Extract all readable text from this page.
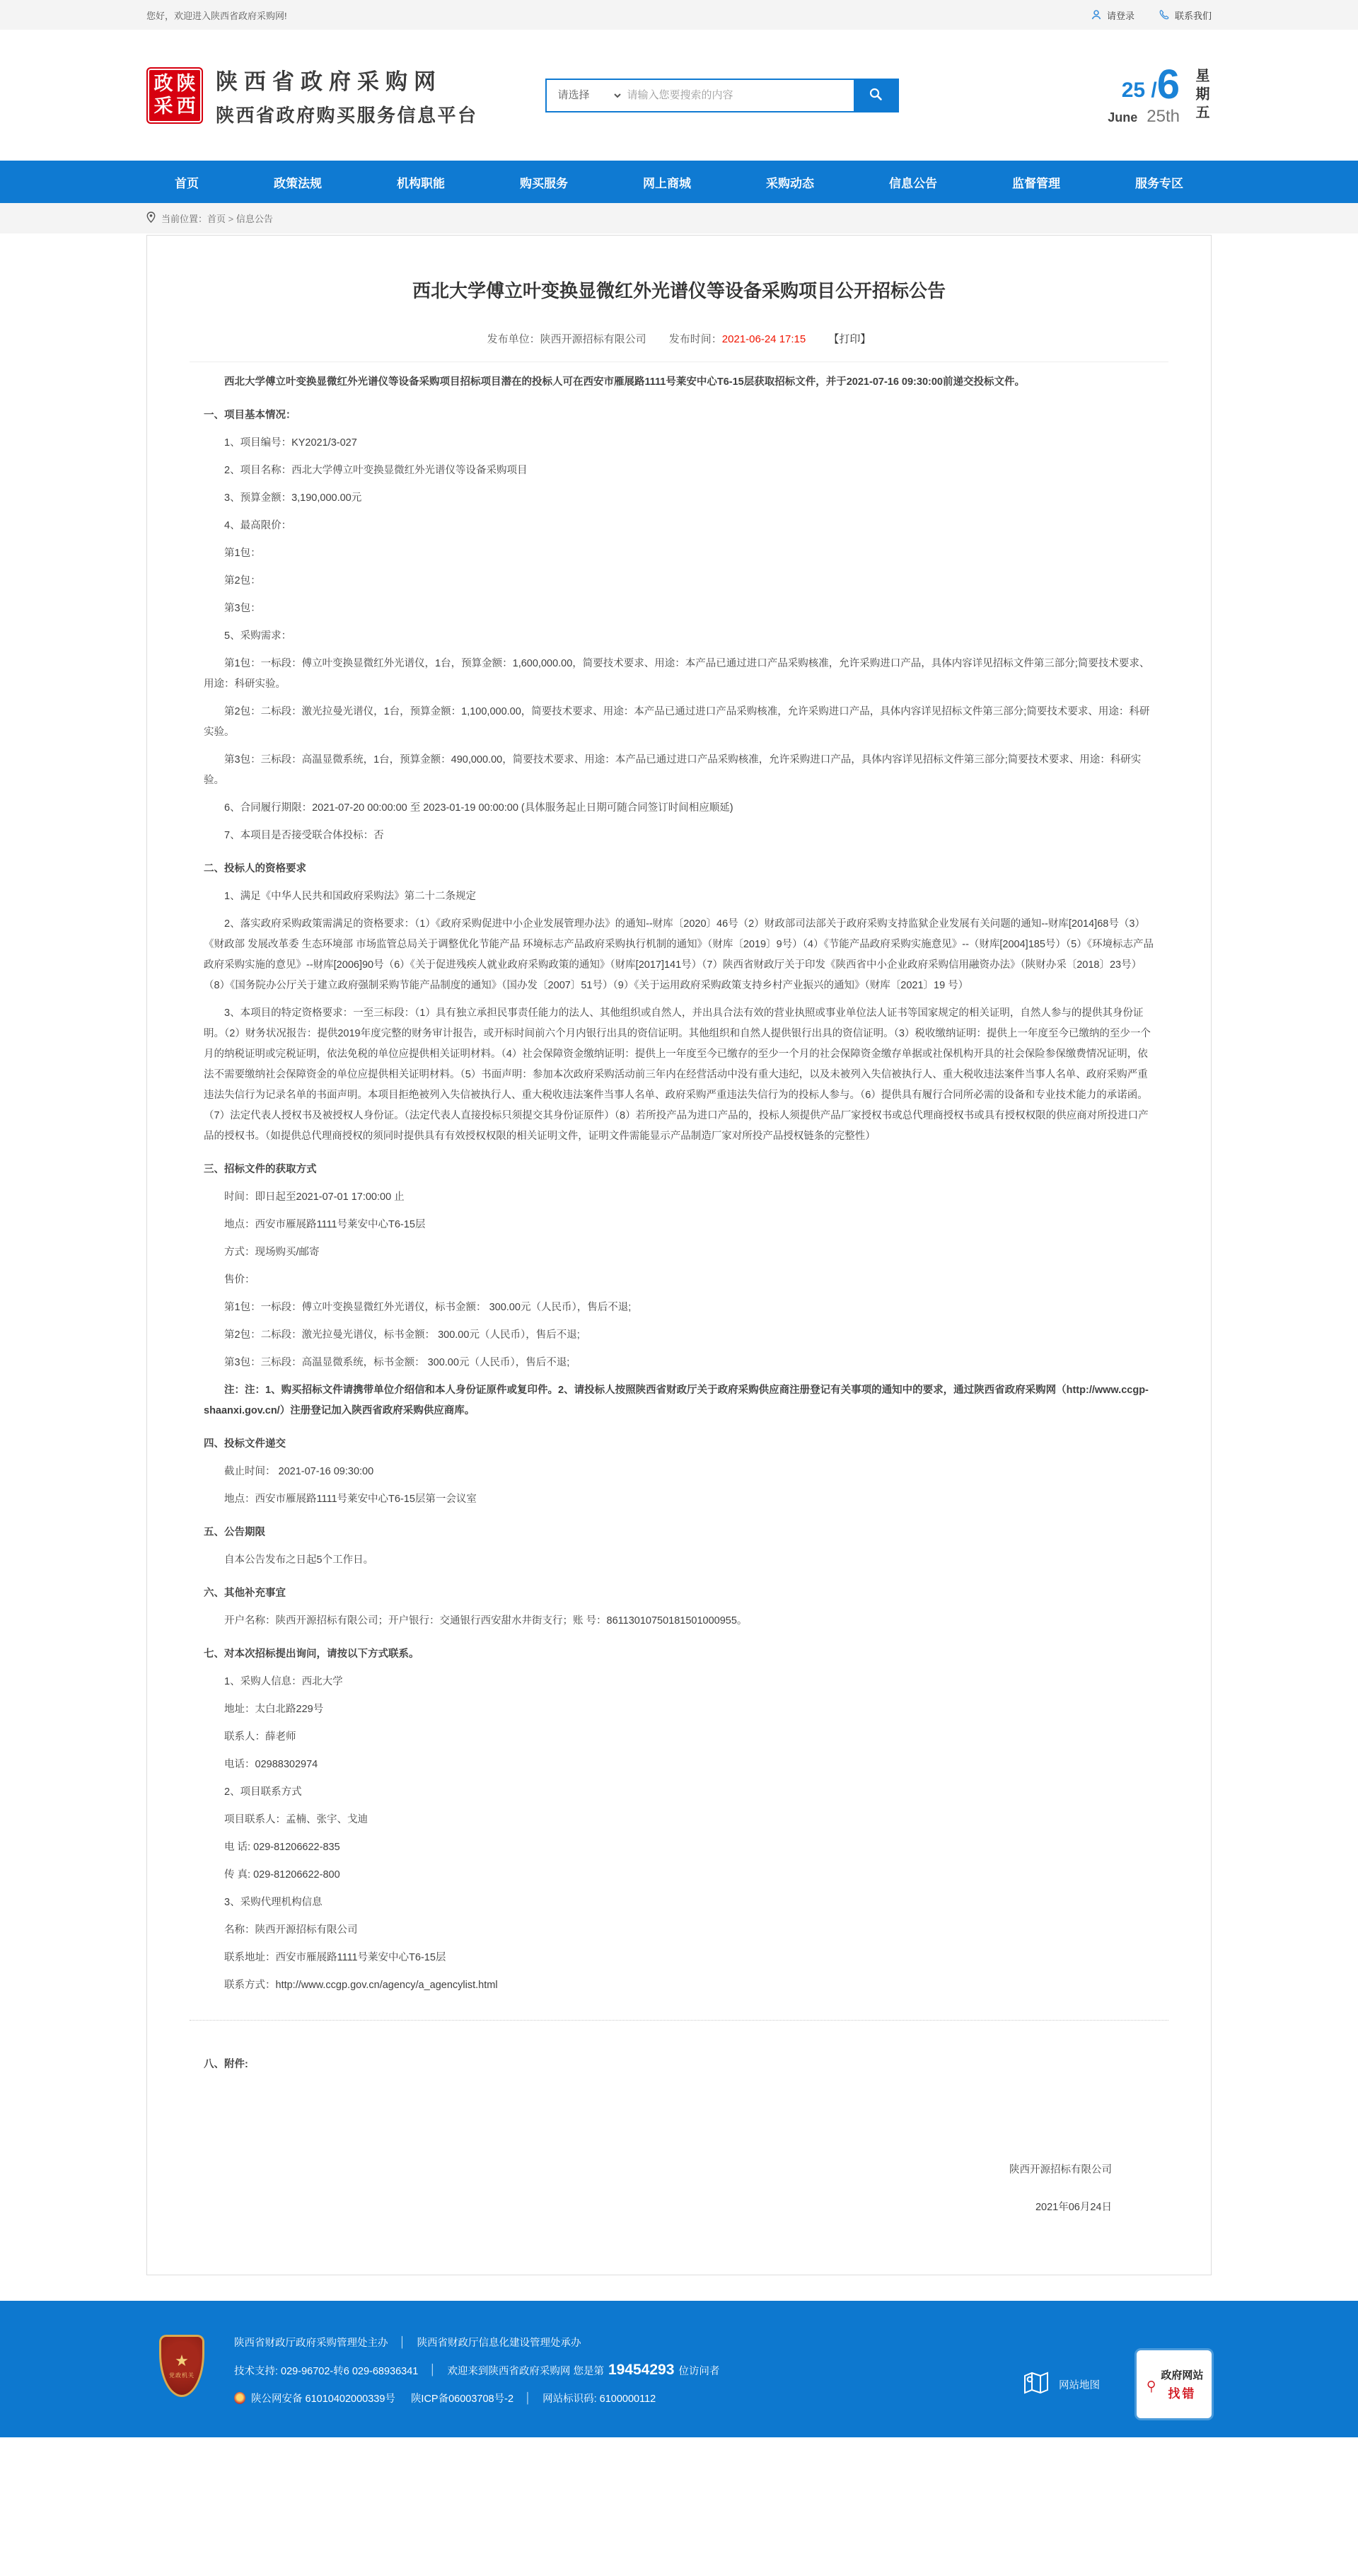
您好，欢迎进入陕西省政府采购网!	请登录	联系我们
政 陕
采 西
陕西省政府采购网
陕西省政府购买服务信息平台
请选择
请输入您要搜索的内容
25 / 6
June 25th 星期五
首页	政策法规	机构职能	购买服务	网上商城	采购动态	信息公告	监督管理	服务专区
当前位置：首页 > 信息公告
西北大学傅立叶变换显微红外光谱仪等设备采购项目公开招标公告
发布单位：陕西开源招标有限公司 发布时间：2021-06-24 17:15 【打印】

西北大学傅立叶变换显微红外光谱仪等设备采购项目招标项目潜在的投标人可在西安市雁展路1111号莱安中心T6-15层获取招标文件，并于2021-07-16 09:30:00前递交投标文件。

一、项目基本情况：

1、项目编号：KY2021/3-027

2、项目名称：西北大学傅立叶变换显微红外光谱仪等设备采购项目

3、预算金额：3,190,000.00元

4、最高限价：

第1包：

第2包：

第3包：

5、采购需求：

第1包：一标段：傅立叶变换显微红外光谱仪，1台，预算金额：1,600,000.00，简要技术要求、用途：本产品已通过进口产品采购核准，允许采购进口产品，具体内容详见招标文件第三部分;简要技术要求、用途：科研实验。

第2包：二标段：激光拉曼光谱仪，1台，预算金额：1,100,000.00，简要技术要求、用途：本产品已通过进口产品采购核准，允许采购进口产品，具体内容详见招标文件第三部分;简要技术要求、用途：科研实验。

第3包：三标段：高温显微系统，1台，预算金额：490,000.00，简要技术要求、用途：本产品已通过进口产品采购核准，允许采购进口产品，具体内容详见招标文件第三部分;简要技术要求、用途：科研实验。

6、合同履行期限：2021-07-20 00:00:00 至 2023-01-19 00:00:00 (具体服务起止日期可随合同签订时间相应顺延)

7、本项目是否接受联合体投标：否

二、投标人的资格要求

1、满足《中华人民共和国政府采购法》第二十二条规定

2、落实政府采购政策需满足的资格要求：（1）《政府采购促进中小企业发展管理办法》的通知--财库〔2020〕46号（2）财政部司法部关于政府采购支持监狱企业发展有关问题的通知--财库[2014]68号（3）《财政部 发展改革委 生态环境部 市场监管总局关于调整优化节能产品 环境标志产品政府采购执行机制的通知》（财库〔2019〕9号）（4）《节能产品政府采购实施意见》--（财库[2004]185号）（5）《环境标志产品政府采购实施的意见》--财库[2006]90号（6）《关于促进残疾人就业政府采购政策的通知》（财库[2017]141号）（7）陕西省财政厅关于印发《陕西省中小企业政府采购信用融资办法》（陕财办采〔2018〕23号）（8）《国务院办公厅关于建立政府强制采购节能产品制度的通知》（国办发〔2007〕51号）（9）《关于运用政府采购政策支持乡村产业振兴的通知》（财库〔2021〕19 号）

3、本项目的特定资格要求：一至三标段：（1）具有独立承担民事责任能力的法人、其他组织或自然人，并出具合法有效的营业执照或事业单位法人证书等国家规定的相关证明，自然人参与的提供其身份证明。（2）财务状况报告：提供2019年度完整的财务审计报告，或开标时间前六个月内银行出具的资信证明。其他组织和自然人提供银行出具的资信证明。（3）税收缴纳证明：提供上一年度至今已缴纳的至少一个月的纳税证明或完税证明，依法免税的单位应提供相关证明材料。（4）社会保障资金缴纳证明：提供上一年度至今已缴存的至少一个月的社会保障资金缴存单据或社保机构开具的社会保险参保缴费情况证明，依法不需要缴纳社会保障资金的单位应提供相关证明材料。（5）书面声明：参加本次政府采购活动前三年内在经营活动中没有重大违纪，以及未被列入失信被执行人、重大税收违法案件当事人名单、政府采购严重违法失信行为记录名单的书面声明。本项目拒绝被列入失信被执行人、重大税收违法案件当事人名单、政府采购严重违法失信行为的投标人参与。（6）提供具有履行合同所必需的设备和专业技术能力的承诺函。（7）法定代表人授权书及被授权人身份证。（法定代表人直接投标只须提交其身份证原件）（8）若所投产品为进口产品的，投标人须提供产品厂家授权书或总代理商授权书或具有授权权限的供应商对所投进口产品的授权书。（如提供总代理商授权的须同时提供具有有效授权权限的相关证明文件，证明文件需能显示产品制造厂家对所投产品授权链条的完整性）

三、招标文件的获取方式

时间：即日起至2021-07-01 17:00:00 止

地点：西安市雁展路1111号莱安中心T6-15层

方式：现场购买/邮寄

售价：

第1包：一标段：傅立叶变换显微红外光谱仪，标书金额： 300.00元（人民币），售后不退;

第2包：二标段：激光拉曼光谱仪，标书金额： 300.00元（人民币），售后不退;

第3包：三标段：高温显微系统，标书金额： 300.00元（人民币），售后不退;

注：注：1、购买招标文件请携带单位介绍信和本人身份证原件或复印件。2、请投标人按照陕西省财政厅关于政府采购供应商注册登记有关事项的通知中的要求，通过陕西省政府采购网（http://www.ccgp-shaanxi.gov.cn/）注册登记加入陕西省政府采购供应商库。

四、投标文件递交

截止时间： 2021-07-16 09:30:00

地点：西安市雁展路1111号莱安中心T6-15层第一会议室

五、公告期限

自本公告发布之日起5个工作日。

六、其他补充事宜

开户名称：陕西开源招标有限公司；开户银行：交通银行西安甜水井街支行；账 号：86113010750181501000955。

七、对本次招标提出询问，请按以下方式联系。

1、采购人信息：西北大学

地址：太白北路229号

联系人：薛老师

电话：02988302974

2、项目联系方式

项目联系人：孟楠、张宇、戈迪

电 话: 029-81206622-835

传 真: 029-81206622-800

3、采购代理机构信息

名称：陕西开源招标有限公司

联系地址：西安市雁展路1111号莱安中心T6-15层

联系方式：http://www.ccgp.gov.cn/agency/a_agencylist.html

八、附件:

陕西开源招标有限公司

2021年06月24日

★
党政机关
陕西省财政厅政府采购管理处主办 │ 陕西省财政厅信息化建设管理处承办
技术支持: 029-96702-转6 029-68936341 │ 欢迎来到陕西省政府采购网 您是第 19454293 位访问者
陕公网安备 61010402000339号 陕ICP备06003708号-2 │ 网站标识码: 6100000112
网站地图 ⌕
政府网站
找错
